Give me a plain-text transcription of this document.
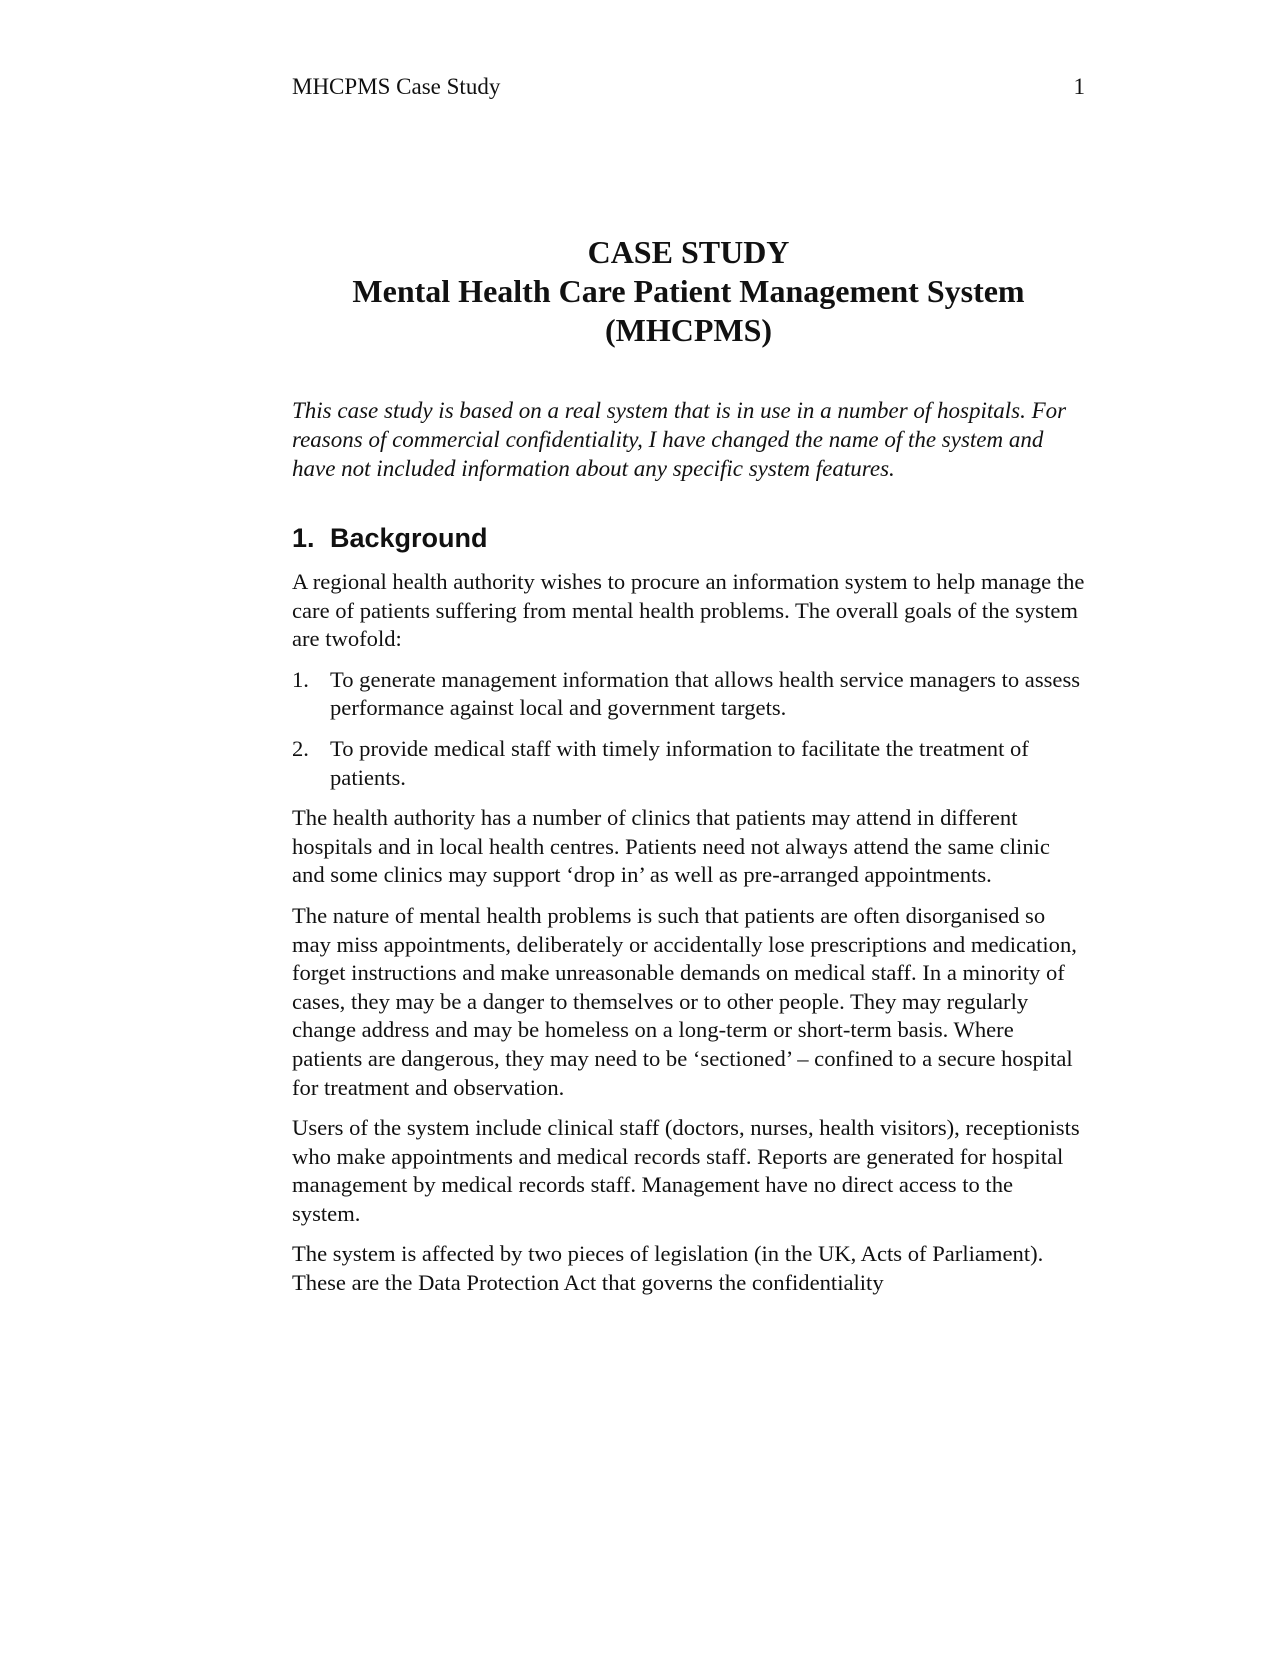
MHCPMS Case Study	1
CASE STUDY
Mental Health Care Patient Management System
(MHCPMS)
This case study is based on a real system that is in use in a number of hospitals. For reasons of commercial confidentiality, I have changed the name of the system and have not included information about any specific system features.
1. Background

A regional health authority wishes to procure an information system to help manage the care of patients suffering from mental health problems. The overall goals of the system are twofold:

1. To generate management information that allows health service managers to assess performance against local and government targets.
2. To provide medical staff with timely information to facilitate the treatment of patients.

The health authority has a number of clinics that patients may attend in different hospitals and in local health centres. Patients need not always attend the same clinic and some clinics may support ‘drop in’ as well as pre-arranged appointments.

The nature of mental health problems is such that patients are often disorganised so may miss appointments, deliberately or accidentally lose prescriptions and medication, forget instructions and make unreasonable demands on medical staff. In a minority of cases, they may be a danger to themselves or to other people. They may regularly change address and may be homeless on a long-term or short-term basis. Where patients are dangerous, they may need to be ‘sectioned’ – confined to a secure hospital for treatment and observation.

Users of the system include clinical staff (doctors, nurses, health visitors), receptionists who make appointments and medical records staff. Reports are generated for hospital management by medical records staff. Management have no direct access to the system.

The system is affected by two pieces of legislation (in the UK, Acts of Parliament). These are the Data Protection Act that governs the confidentiality
